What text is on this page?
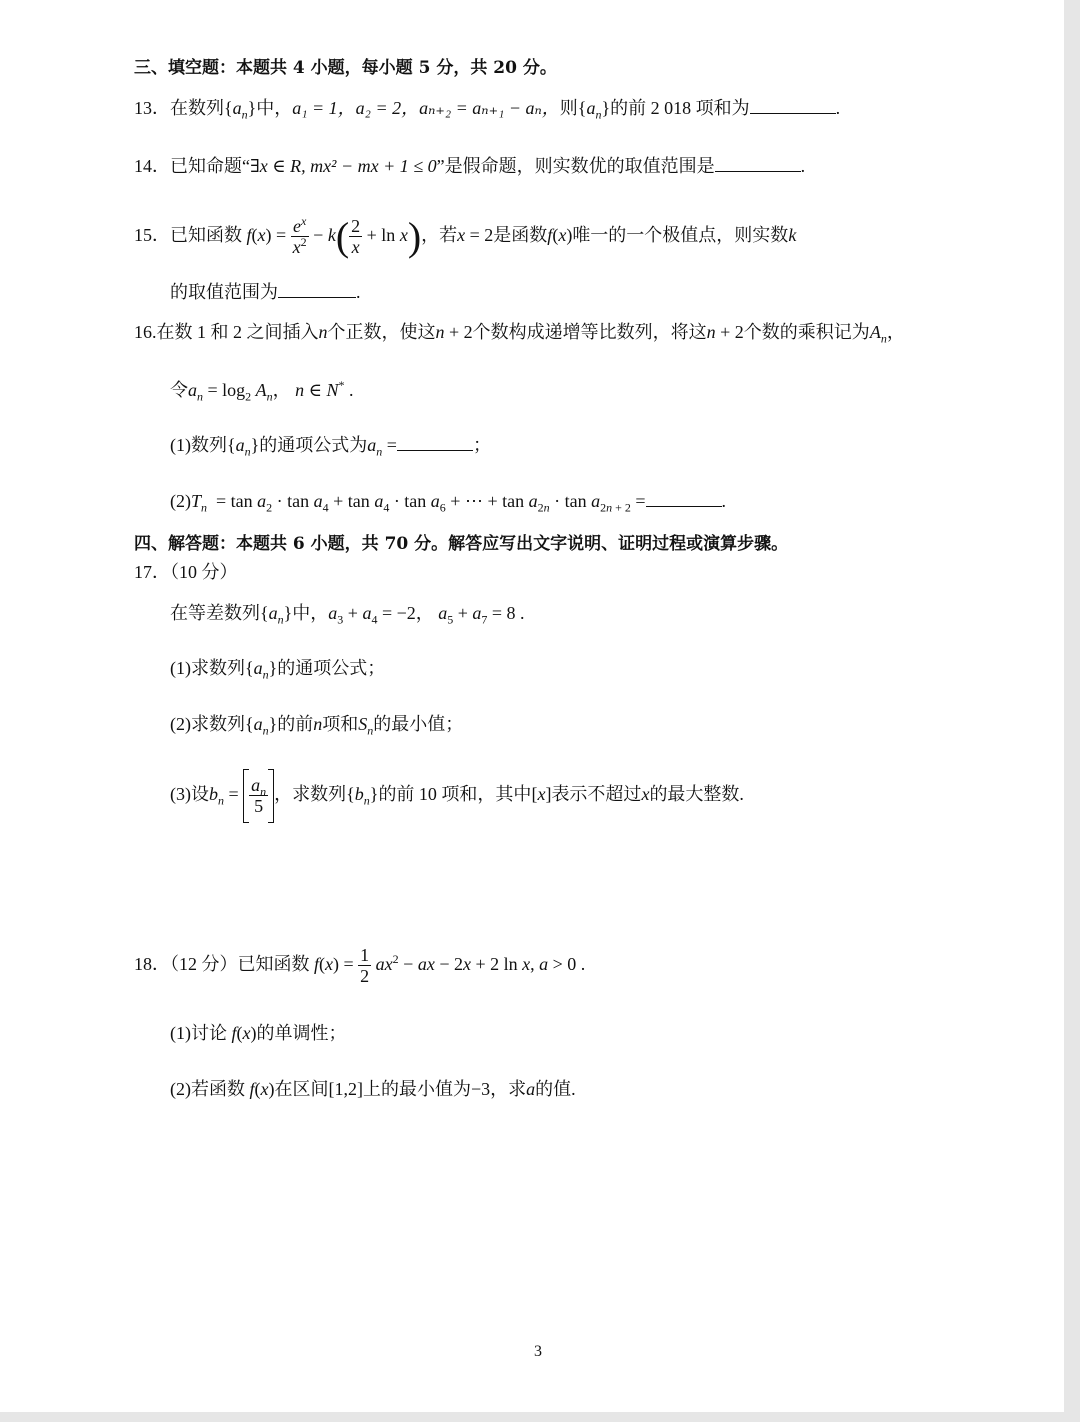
三、填空题：本题共 4 小题，每小题 5 分，共 20 分。
13．在数列$\{a_n\}$中，a₁ = 1，a₂ = 2，aₙ₊₂ = aₙ₊₁ − aₙ，则$\{a_n\}$的前 2 018 项和为	.
14．已知命题“∃x ∈ R, mx² − mx + 1 ≤ 0”是假命题，则实数优的取值范围是	.
15．已知函数 $f(x) = \frac{e^x}{x^2} - k( \frac{2}{x} + \ln x)$，若x = 2是函数f(x)唯一的一个极值点，则实数k
的取值范围为	.
16.在数 1 和 2 之间插入n个正数，使这n + 2个数构成递增等比数列，将这n + 2个数的乘积记为$A_n$，
令$a_n = \log_2 A_n$， n ∈ N* .
(1)数列$\{a_n\}$的通项公式为$a_n$ =	；
$(2)T_n = \tan a_2 \cdot \tan a_4 + \tan a_4 \cdot \tan a_6$ + ⋯ + $\tan a_{2n} \cdot \tan a_{2n + 2}$ =	.
四、解答题：本题共 6 小题，共 70 分。解答应写出文字说明、证明过程或演算步骤。
17．（10 分）
在等差数列$\{a_n\}$中，$a_3 + a_4 = -2$， $a_5 + a_7 = 8$ .
(1)求数列$\{a_n\}$的通项公式；
(2)求数列$\{a_n\}$的前n项和$S_n$的最小值；
(3)设$b_n = \frac{a_n}{5}$ ，求数列$\{b_n\}$的前 10 项和，其中[x]表示不超过x的最大整数.
18．（12 分）已知函数 $f(x) = \frac{1}{2} ax^2$ − ax − 2x + 2 ln x, a > 0 .
(1)讨论 f(x)的单调性；
(2)若函数 f(x)在区间[1,2]上的最小值为−3，求a的值.
3
